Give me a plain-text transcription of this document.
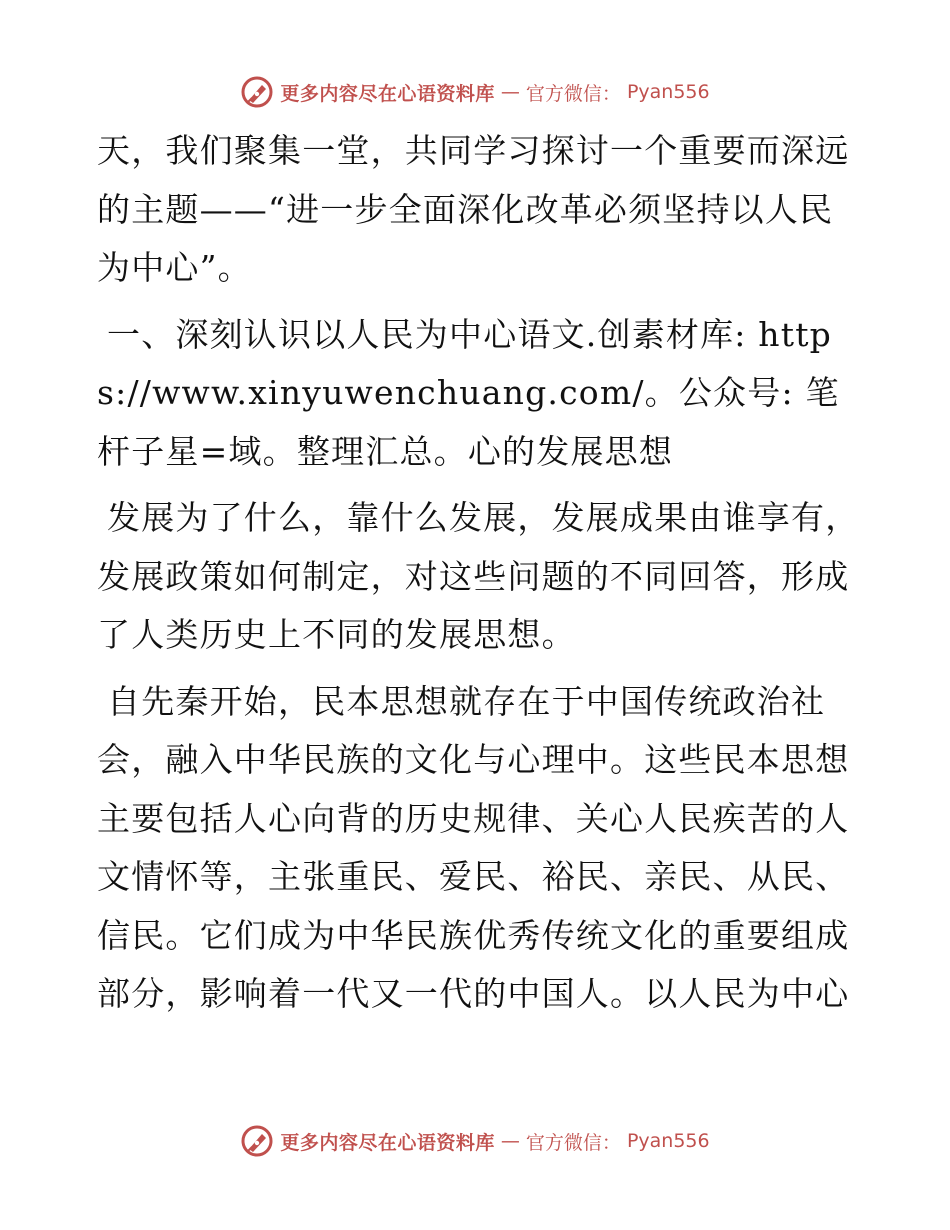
更多内容尽在心语资料库 — 官方微信： Pyan556

天，我们聚集一堂，共同学习探讨一个重要而深远的主题——“进一步全面深化改革必须坚持以人民为中心”。

一、深刻认识以人民为中心语文.创素材库: https://www.xinyuwenchuang.com/。公众号: 笔杆子星=域。整理汇总。心的发展思想

发展为了什么，靠什么发展，发展成果由谁享有，发展政策如何制定，对这些问题的不同回答，形成了人类历史上不同的发展思想。

自先秦开始，民本思想就存在于中国传统政治社会，融入中华民族的文化与心理中。这些民本思想主要包括人心向背的历史规律、关心人民疾苦的人文情怀等，主张重民、爱民、裕民、亲民、从民、信民。它们成为中华民族优秀传统文化的重要组成部分，影响着一代又一代的中国人。以人民为中心

更多内容尽在心语资料库 — 官方微信： Pyan556
